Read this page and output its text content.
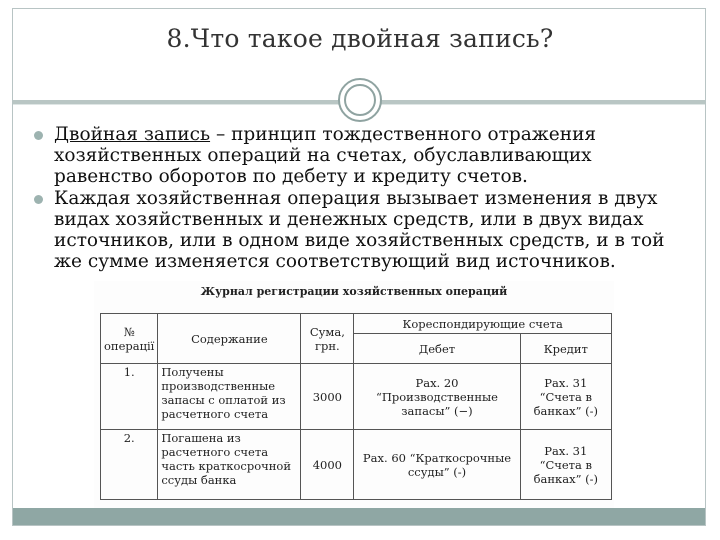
8.Что такое двойная запись?
Двойная запись – принцип тождественного отражения хозяйственных операций на счетах, обуславливающих равенство оборотов по дебету и кредиту счетов.
Каждая хозяйственная операция вызывает изменения в двух видах хозяйственных и денежных средств, или в двух видах источников, или в одном виде хозяйственных средств, и в той же сумме изменяется соответствующий вид источников.
Журнал регистрации хозяйственных операций
№ операції	Содержание	Сума, грн.	Кореспондирующие счета	
			Дебет	Кредит
1.	Получены производственные запасы с оплатой из расчетного счета	3000	Рах. 20 “Производственные запасы” (−)	Рах. 31 “Счета в банках” (-)
2.	Погашена из расчетного счета часть краткосрочной ссуды банка	4000	Рах. 60 “Краткосрочные ссуды” (-)	Рах. 31 “Счета в банках” (-)
